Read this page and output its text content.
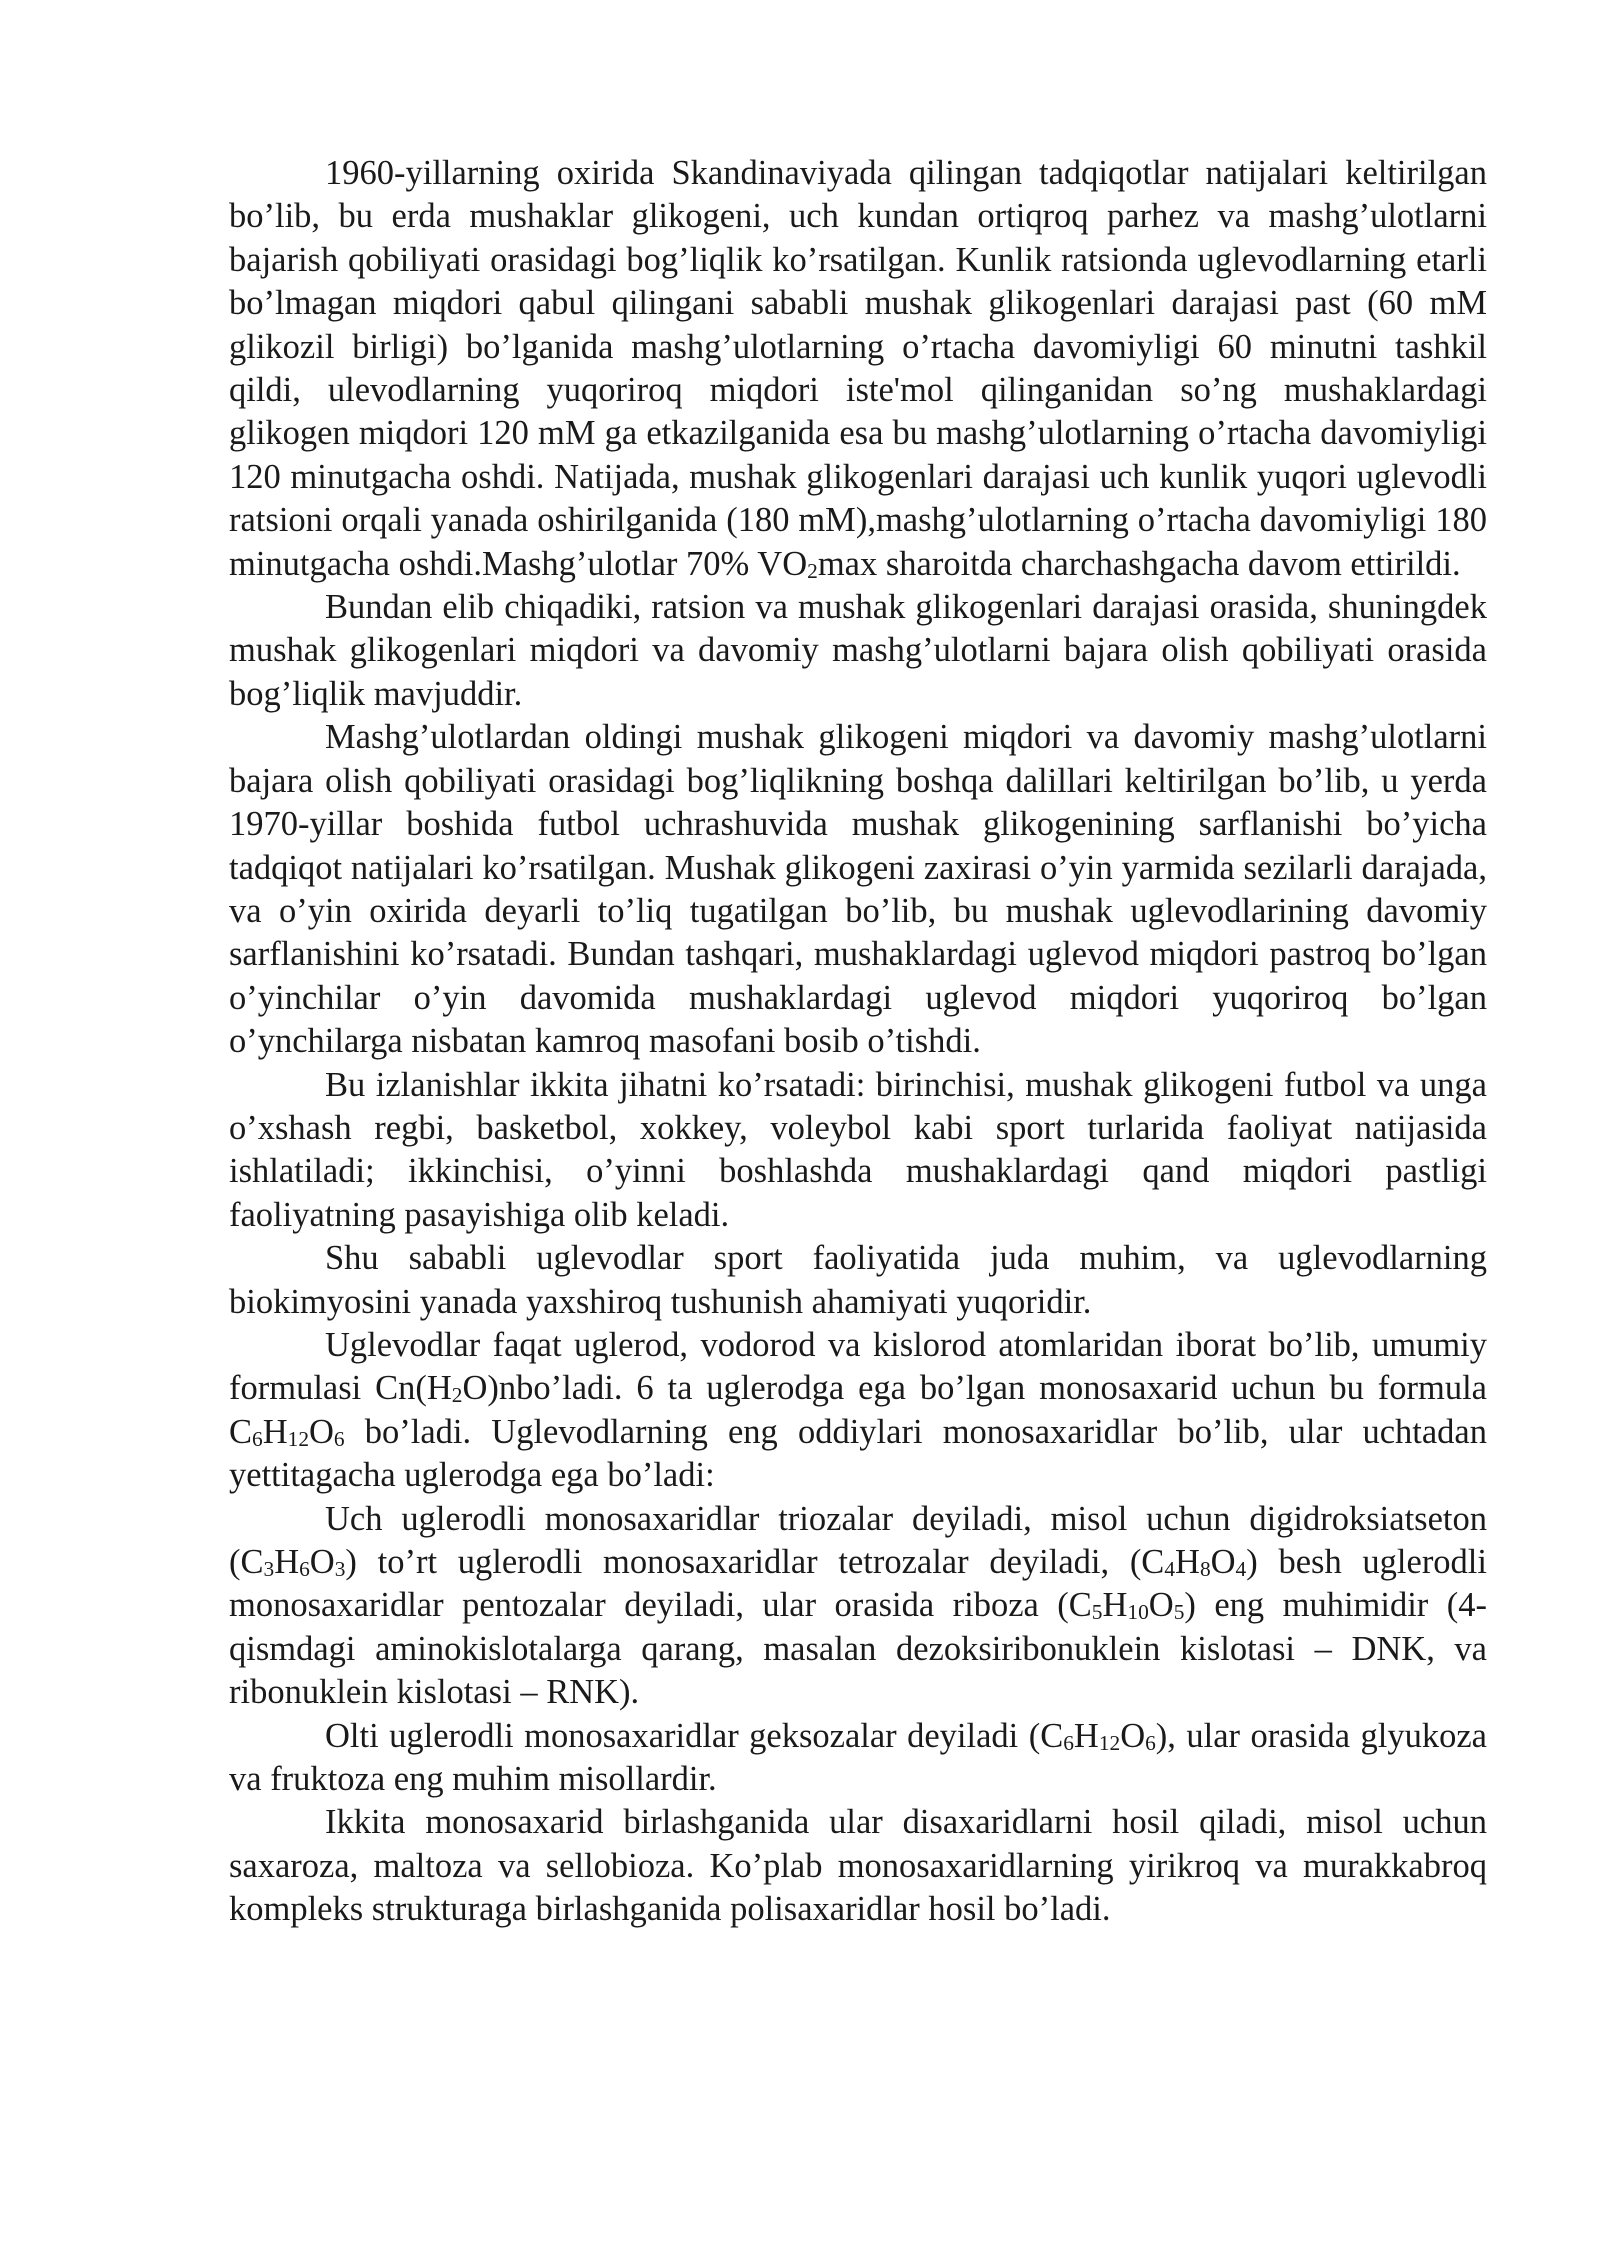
1960-yillarning oxirida Skandinaviyada qilingan tadqiqotlar natijalari keltirilgan bo’lib, bu erda mushaklar glikogeni, uch kundan ortiqroq parhez va mashg’ulotlarni bajarish qobiliyati orasidagi bog’liqlik ko’rsatilgan. Kunlik ratsionda uglevodlarning etarli bo’lmagan miqdori qabul qilingani sababli mushak glikogenlari darajasi past (60 mM glikozil birligi) bo’lganida mashg’ulotlarning o’rtacha davomiyligi 60 minutni tashkil qildi, ulevodlarning yuqoriroq miqdori iste'mol qilinganidan so’ng mushaklardagi glikogen miqdori 120 mM ga etkazilganida esa bu mashg’ulotlarning o’rtacha davomiyligi 120 minutgacha oshdi. Natijada, mushak glikogenlari darajasi uch kunlik yuqori uglevodli ratsioni orqali yanada oshirilganida (180 mM),mashg’ulotlarning o’rtacha davomiyligi 180 minutgacha oshdi.Mashg’ulotlar 70% $VO_2\max$ sharoitda charchashgacha davom ettirildi.

Bundan elib chiqadiki, ratsion va mushak glikogenlari darajasi orasida, shuningdek mushak glikogenlari miqdori va davomiy mashg’ulotlarni bajara olish qobiliyati orasida bog’liqlik mavjuddir.

Mashg’ulotlardan oldingi mushak glikogeni miqdori va davomiy mashg’ulotlarni bajara olish qobiliyati orasidagi bog’liqlikning boshqa dalillari keltirilgan bo’lib, u yerda 1970-yillar boshida futbol uchrashuvida mushak glikogenining sarflanishi bo’yicha tadqiqot natijalari ko’rsatilgan. Mushak glikogeni zaxirasi o’yin yarmida sezilarli darajada, va o’yin oxirida deyarli to’liq tugatilgan bo’lib, bu mushak uglevodlarining davomiy sarflanishini ko’rsatadi. Bundan tashqari, mushaklardagi uglevod miqdori pastroq bo’lgan o’yinchilar o’yin davomida mushaklardagi uglevod miqdori yuqoriroq bo’lgan o’ynchilarga nisbatan kamroq masofani bosib o’tishdi.

Bu izlanishlar ikkita jihatni ko’rsatadi: birinchisi, mushak glikogeni futbol va unga o’xshash regbi, basketbol, xokkey, voleybol kabi sport turlarida faoliyat natijasida ishlatiladi; ikkinchisi, o’yinni boshlashda mushaklardagi qand miqdori pastligi faoliyatning pasayishiga olib keladi.

Shu sababli uglevodlar sport faoliyatida juda muhim, va uglevodlarning biokimyosini yanada yaxshiroq tushunish ahamiyati yuqoridir.

Uglevodlar faqat uglerod, vodorod va kislorod atomlaridan iborat bo’lib, umumiy formulasi $Cn(H_2O)nbo’ladi$. 6 ta uglerodga ega bo’lgan monosaxarid uchun bu formula $C_6H_{12}O_6$ bo’ladi. Uglevodlarning eng oddiylari monosaxaridlar bo’lib, ular uchtadan yettitagacha uglerodga ega bo’ladi:

Uch uglerodli monosaxaridlar triozalar deyiladi, misol uchun digidroksiatseton $(C_3H_6O_3)$ to’rt uglerodli monosaxaridlar tetrozalar deyiladi, $(C_4H_8O_4)$ besh uglerodli monosaxaridlar pentozalar deyiladi, ular orasida riboza $(C_5H_{10}O_5)$ eng muhimidir (4-qismdagi aminokislotalarga qarang, masalan dezoksiribonuklein kislotasi – DNK, va ribonuklein kislotasi – RNK).

Olti uglerodli monosaxaridlar geksozalar deyiladi $(C_6H_{12}O_6)$, ular orasida glyukoza va fruktoza eng muhim misollardir.

Ikkita monosaxarid birlashganida ular disaxaridlarni hosil qiladi, misol uchun saxaroza, maltoza va sellobioza. Ko’plab monosaxaridlarning yirikroq va murakkabroq kompleks strukturaga birlashganida polisaxaridlar hosil bo’ladi.
